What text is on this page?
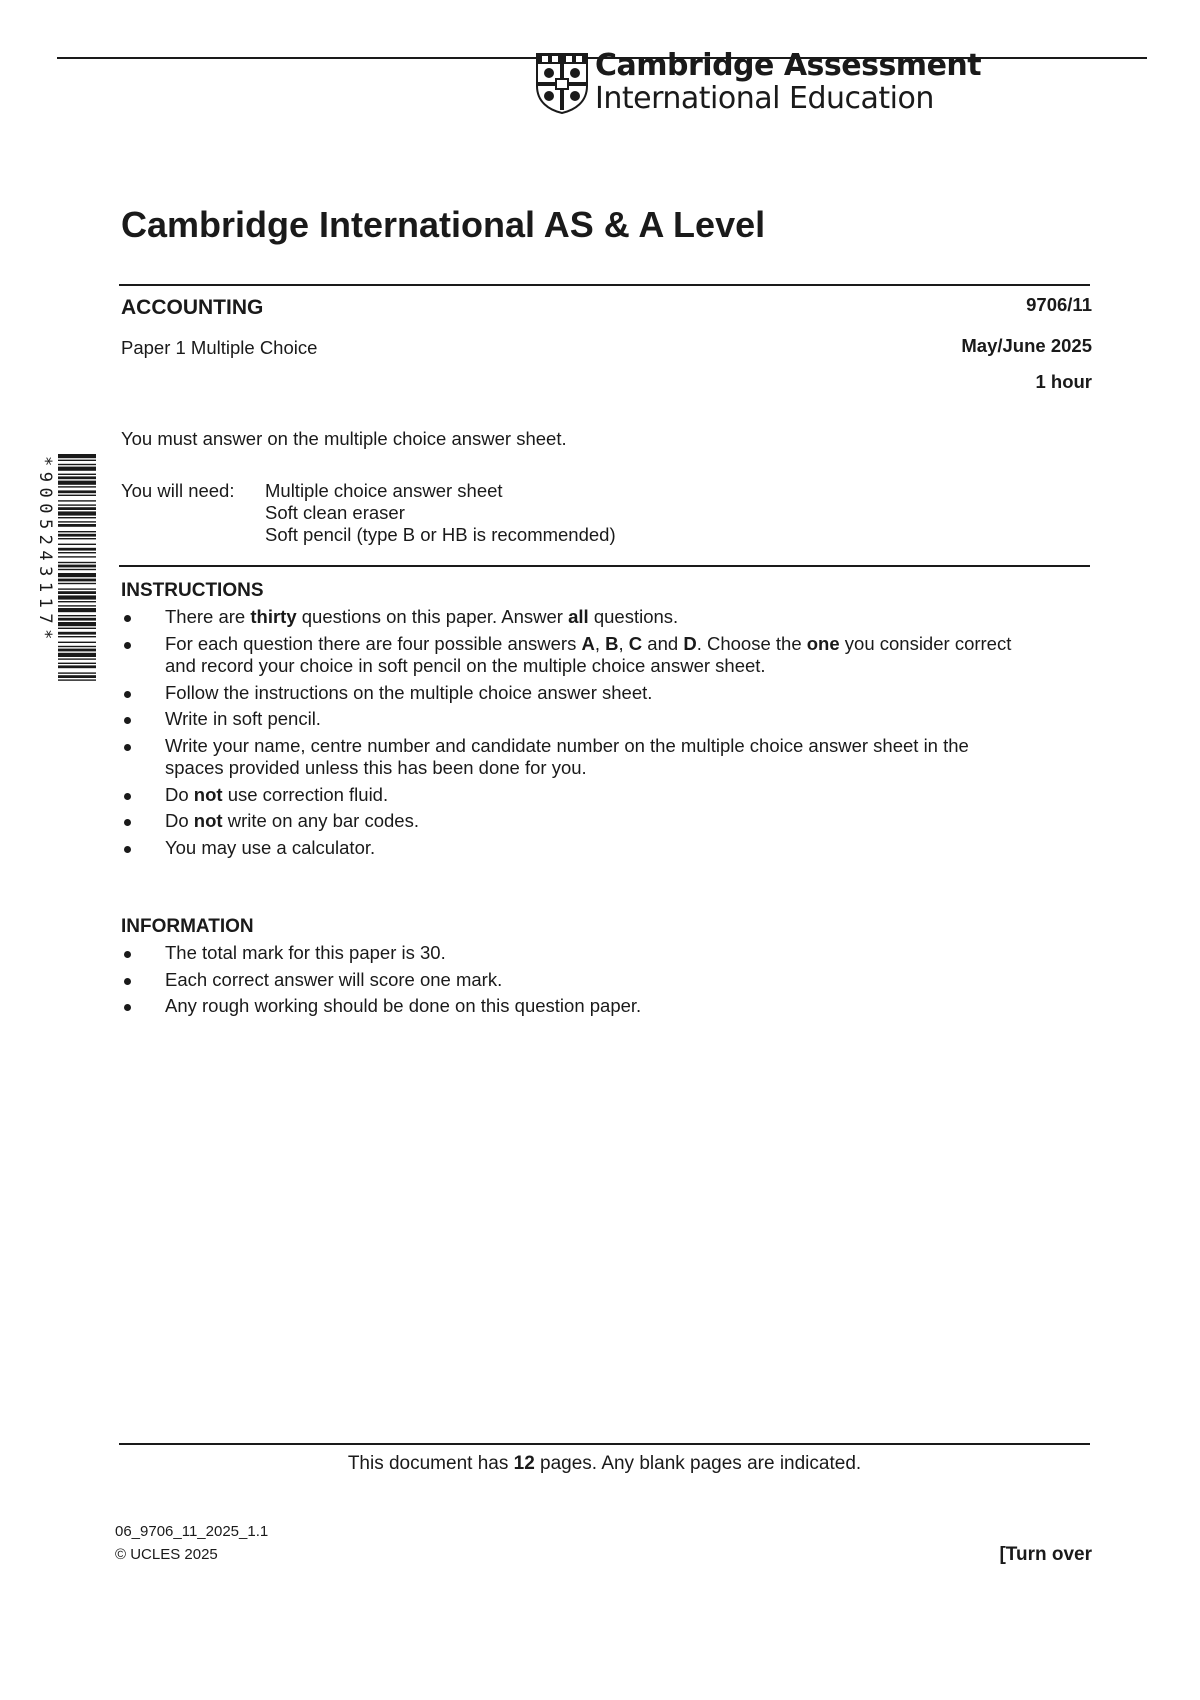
Cambridge Assessment
International Education
Cambridge International AS & A Level
ACCOUNTING
Paper 1 Multiple Choice
9706/11
May/June 2025
1 hour
You must answer on the multiple choice answer sheet.
You will need: Multiple choice answer sheet
Soft clean eraser
Soft pencil (type B or HB is recommended)
*9005243117*	INSTRUCTIONS
There are thirty questions on this paper. Answer all questions.
For each question there are four possible answers A, B, C and D. Choose the one you consider correct
and record your choice in soft pencil on the multiple choice answer sheet.
Follow the instructions on the multiple choice answer sheet.
Write in soft pencil.
Write your name, centre number and candidate number on the multiple choice answer sheet in the
spaces provided unless this has been done for you.
Do not use correction fluid.
Do not write on any bar codes.
You may use a calculator.
INFORMATION
The total mark for this paper is 30.
Each correct answer will score one mark.
Any rough working should be done on this question paper.
This document has 12 pages. Any blank pages are indicated.
06_9706_11_2025_1.1
© UCLES 2025	[Turn over
